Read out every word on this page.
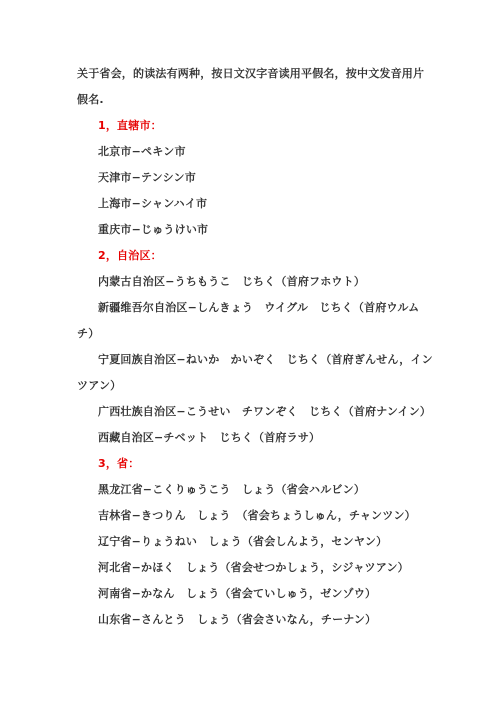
关于省会，的读法有两种，按日文汉字音读用平假名，按中文发音用片
假名.
1，直辖市：
北京市−ペキン市
天津市−テンシン市
上海市−シャンハイ市
重庆市−じゅうけい市
2，自治区：
内蒙古自治区−うちもうこ　じちく（首府フホウト）
新疆维吾尔自治区−しんきょう　ウイグル　じちく（首府ウルム
チ）
宁夏回族自治区−ねいか　かいぞく　じちく（首府ぎんせん，イン
ツアン）
广西壮族自治区−こうせい　チワンぞく　じちく（首府ナンイン）
西藏自治区−チベット　じちく（首府ラサ）
3，省：
黑龙江省−こくりゅうこう　しょう（省会ハルビン）
吉林省−きつりん　しょう　（省会ちょうしゅん，チャンツン）
辽宁省−りょうねい　しょう（省会しんよう，センヤン）
河北省−かほく　しょう（省会せつかしょう，シジャツアン）
河南省−かなん　しょう（省会ていしゅう，ゼンゾウ）
山东省−さんとう　しょう（省会さいなん，チーナン）
